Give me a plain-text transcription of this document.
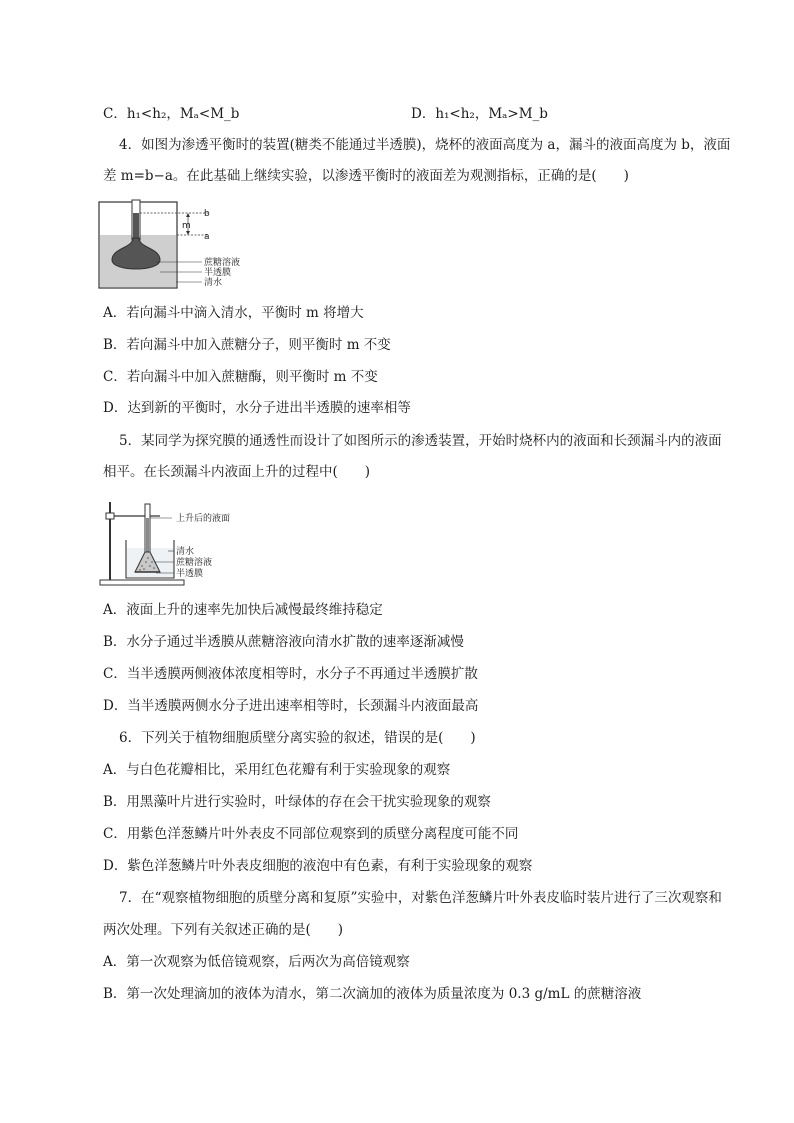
C．h₁<h₂，Mₐ<M_b	D．h₁<h₂，Mₐ>M_b
4．如图为渗透平衡时的装置(糖类不能通过半透膜)，烧杯的液面高度为 a，漏斗的液面高度为 b，液面
差 m=b−a。在此基础上继续实验，以渗透平衡时的液面差为观测指标，正确的是(　　)
b
m
a
蔗糖溶液
半透膜
清水
A．若向漏斗中滴入清水，平衡时 m 将增大
B．若向漏斗中加入蔗糖分子，则平衡时 m 不变
C．若向漏斗中加入蔗糖酶，则平衡时 m 不变
D．达到新的平衡时，水分子进出半透膜的速率相等
5．某同学为探究膜的通透性而设计了如图所示的渗透装置，开始时烧杯内的液面和长颈漏斗内的液面
相平。在长颈漏斗内液面上升的过程中(　　)
上升后的液面
清水
蔗糖溶液
半透膜
A．液面上升的速率先加快后减慢最终维持稳定
B．水分子通过半透膜从蔗糖溶液向清水扩散的速率逐渐减慢
C．当半透膜两侧液体浓度相等时，水分子不再通过半透膜扩散
D．当半透膜两侧水分子进出速率相等时，长颈漏斗内液面最高
6．下列关于植物细胞质壁分离实验的叙述，错误的是(　　)
A．与白色花瓣相比，采用红色花瓣有利于实验现象的观察
B．用黑藻叶片进行实验时，叶绿体的存在会干扰实验现象的观察
C．用紫色洋葱鳞片叶外表皮不同部位观察到的质壁分离程度可能不同
D．紫色洋葱鳞片叶外表皮细胞的液泡中有色素，有利于实验现象的观察
7．在“观察植物细胞的质壁分离和复原”实验中，对紫色洋葱鳞片叶外表皮临时装片进行了三次观察和
两次处理。下列有关叙述正确的是(　　)
A．第一次观察为低倍镜观察，后两次为高倍镜观察
B．第一次处理滴加的液体为清水，第二次滴加的液体为质量浓度为 0.3 g/mL 的蔗糖溶液
